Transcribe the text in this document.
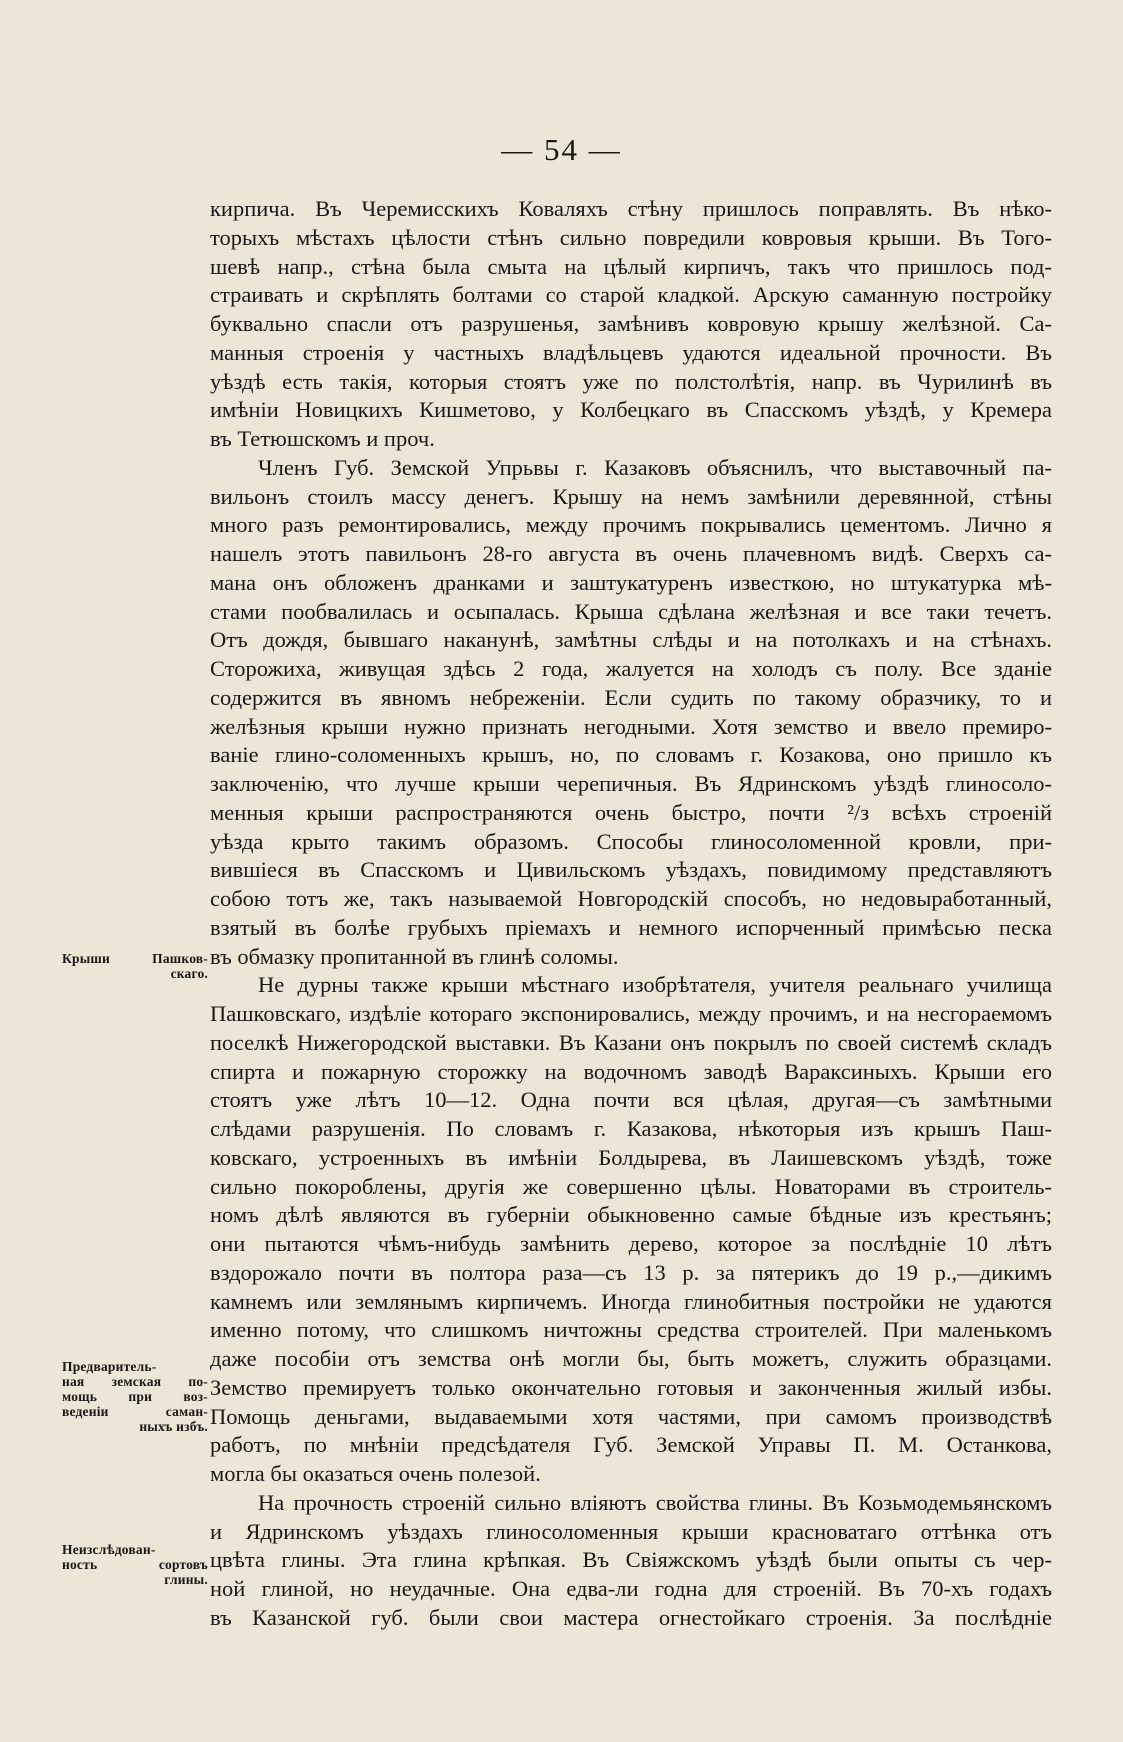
— 54 —
кирпича. Въ Черемисскихъ Коваляхъ стѣну пришлось поправлять. Въ нѣко-
торыхъ мѣстахъ цѣлости стѣнъ сильно повредили ковровыя крыши. Въ Того-
шевѣ напр., стѣна была смыта на цѣлый кирпичъ, такъ что пришлось под-
страивать и скрѣплять болтами со старой кладкой. Арскую саманную постройку
буквально спасли отъ разрушенья, замѣнивъ ковровую крышу желѣзной. Са-
манныя строенія у частныхъ владѣльцевъ удаются идеальной прочности. Въ
уѣздѣ есть такія, которыя стоятъ уже по полстолѣтія, напр. въ Чурилинѣ въ
имѣніи Новицкихъ Кишметово, у Колбецкаго въ Спасскомъ уѣздѣ, у Кремера
въ Тетюшскомъ и проч.
Членъ Губ. Земской Упрьвы г. Казаковъ объяснилъ, что выставочный па-
вильонъ стоилъ массу денегъ. Крышу на немъ замѣнили деревянной, стѣны
много разъ ремонтировались, между прочимъ покрывались цементомъ. Лично я
нашелъ этотъ павильонъ 28-го августа въ очень плачевномъ видѣ. Сверхъ са-
мана онъ обложенъ дранками и заштукатуренъ известкою, но штукатурка мѣ-
стами пообвалилась и осыпалась. Крыша сдѣлана желѣзная и все таки течетъ.
Отъ дождя, бывшаго наканунѣ, замѣтны слѣды и на потолкахъ и на стѣнахъ.
Сторожиха, живущая здѣсь 2 года, жалуется на холодъ съ полу. Все зданіе
содержится въ явномъ небреженіи. Если судить по такому образчику, то и
желѣзныя крыши нужно признать негодными. Хотя земство и ввело премиро-
ваніе глино-соломенныхъ крышъ, но, по словамъ г. Козакова, оно пришло къ
заключенію, что лучше крыши черепичныя. Въ Ядринскомъ уѣздѣ глиносоло-
менныя крыши распространяются очень быстро, почти ²/з всѣхъ строеній
уѣзда крыто такимъ образомъ. Способы глиносоломенной кровли, при-
вившіеся въ Спасскомъ и Цивильскомъ уѣздахъ, повидимому представляютъ
собою тотъ же, такъ называемой Новгородскій способъ, но недовыработанный,
взятый въ болѣе грубыхъ пріемахъ и немного испорченный примѣсью песка
въ обмазку пропитанной въ глинѣ соломы.
Не дурны также крыши мѣстнаго изобрѣтателя, учителя реальнаго училища
Пашковскаго, издѣліе котораго экспонировались, между прочимъ, и на несгораемомъ
поселкѣ Нижегородской выставки. Въ Казани онъ покрылъ по своей системѣ складъ
спирта и пожарную сторожку на водочномъ заводѣ Вараксиныхъ. Крыши его
стоятъ уже лѣтъ 10—12. Одна почти вся цѣлая, другая—съ замѣтными
слѣдами разрушенія. По словамъ г. Казакова, нѣкоторыя изъ крышъ Паш-
ковскаго, устроенныхъ въ имѣніи Болдырева, въ Лаишевскомъ уѣздѣ, тоже
сильно покороблены, другія же совершенно цѣлы. Новаторами въ строитель-
номъ дѣлѣ являются въ губерніи обыкновенно самые бѣдные изъ крестьянъ;
они пытаются чѣмъ-нибудь замѣнить дерево, которое за послѣдніе 10 лѣтъ
вздорожало почти въ полтора раза—съ 13 р. за пятерикъ до 19 р.,—дикимъ
камнемъ или землянымъ кирпичемъ. Иногда глинобитныя постройки не удаются
именно потому, что слишкомъ ничтожны средства строителей. При маленькомъ
даже пособіи отъ земства онѣ могли бы, быть можетъ, служить образцами.
Земство премируетъ только окончательно готовыя и законченныя жилый избы.
Помощь деньгами, выдаваемыми хотя частями, при самомъ производствѣ
работъ, по мнѣніи предсѣдателя Губ. Земской Управы П. М. Останкова,
могла бы оказаться очень полезой.
На прочность строеній сильно вліяютъ свойства глины. Въ Козьмодемьянскомъ
и Ядринскомъ уѣздахъ глиносоломенныя крыши красноватаго оттѣнка отъ
цвѣта глины. Эта глина крѣпкая. Въ Свіяжскомъ уѣздѣ были опыты съ чер-
ной глиной, но неудачные. Она едва-ли годна для строеній. Въ 70-хъ годахъ
въ Казанской губ. были свои мастера огнестойкаго строенія. За послѣдніе
Крыши Пашков-
скаго.
Предваритель-
ная земская по-
мощь при воз-
веденіи саман-
ныхъ избъ.
Неизслѣдован-
ность сортовъ
глины.
